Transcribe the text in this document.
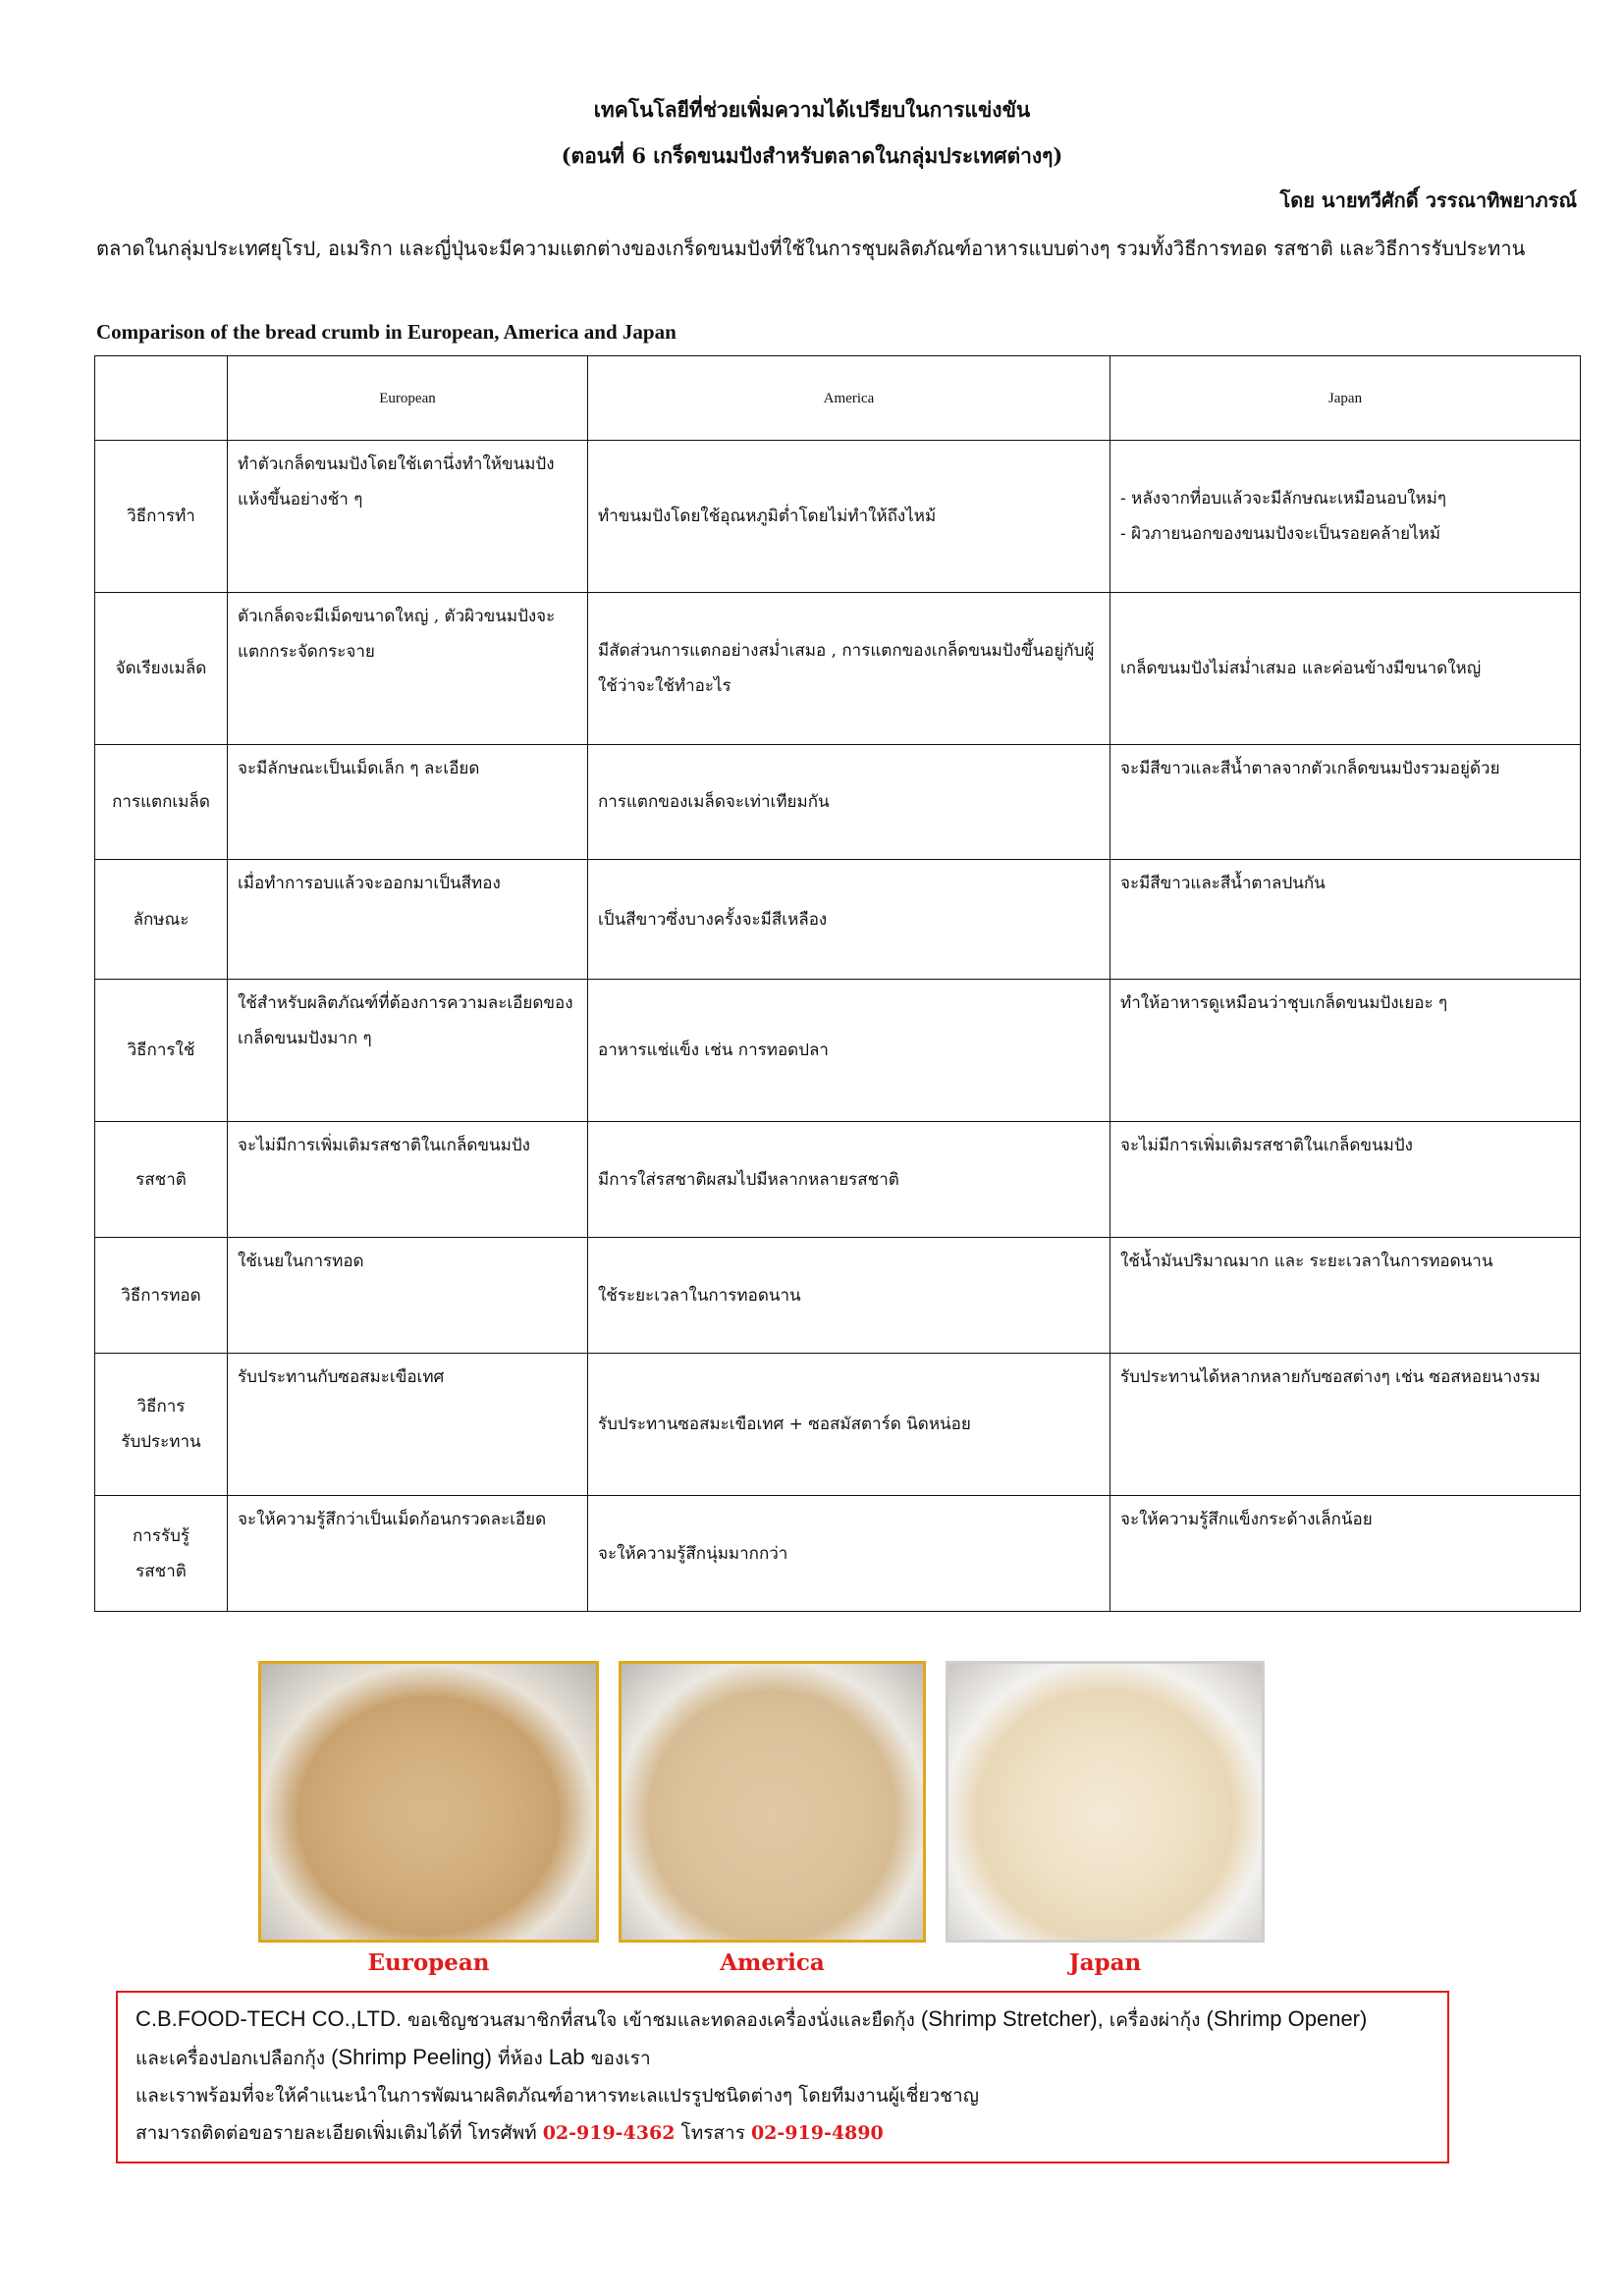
เทคโนโลยีที่ช่วยเพิ่มความได้เปรียบในการแข่งขัน
(ตอนที่ 6 เกร็ดขนมปังสำหรับตลาดในกลุ่มประเทศต่างๆ)
โดย นายทวีศักดิ์ วรรณาทิพยาภรณ์
ตลาดในกลุ่มประเทศยุโรป, อเมริกา และญี่ปุ่นจะมีความแตกต่างของเกร็ดขนมปังที่ใช้ในการชุบผลิตภัณฑ์อาหารแบบต่างๆ รวมทั้งวิธีการทอด รสชาติ และวิธีการรับประทาน
Comparison of the bread crumb in European, America and Japan
	European	America	Japan
วิธีการทำ	ทำตัวเกล็ดขนมปังโดยใช้เตานึ่งทำให้ขนมปังแห้งขึ้นอย่างช้า ๆ	ทำขนมปังโดยใช้อุณหภูมิต่ำโดยไม่ทำให้ถึงไหม้	- หลังจากที่อบแล้วจะมีลักษณะเหมือนอบใหม่ๆ
- ผิวภายนอกของขนมปังจะเป็นรอยคล้ายไหม้
จัดเรียงเมล็ด	ตัวเกล็ดจะมีเม็ดขนาดใหญ่ , ตัวผิวขนมปังจะแตกกระจัดกระจาย	มีสัดส่วนการแตกอย่างสม่ำเสมอ , การแตกของเกล็ดขนมปังขึ้นอยู่กับผู้ใช้ว่าจะใช้ทำอะไร	เกล็ดขนมปังไม่สม่ำเสมอ และค่อนข้างมีขนาดใหญ่
การแตกเมล็ด	จะมีลักษณะเป็นเม็ดเล็ก ๆ ละเอียด	การแตกของเมล็ดจะเท่าเทียมกัน	จะมีสีขาวและสีน้ำตาลจากตัวเกล็ดขนมปังรวมอยู่ด้วย
ลักษณะ	เมื่อทำการอบแล้วจะออกมาเป็นสีทอง	เป็นสีขาวซึ่งบางครั้งจะมีสีเหลือง	จะมีสีขาวและสีน้ำตาลปนกัน
วิธีการใช้	ใช้สำหรับผลิตภัณฑ์ที่ต้องการความละเอียดของเกล็ดขนมปังมาก ๆ	อาหารแช่แข็ง เช่น การทอดปลา	ทำให้อาหารดูเหมือนว่าชุบเกล็ดขนมปังเยอะ ๆ
รสชาติ	จะไม่มีการเพิ่มเติมรสชาติในเกล็ดขนมปัง	มีการใส่รสชาติผสมไปมีหลากหลายรสชาติ	จะไม่มีการเพิ่มเติมรสชาติในเกล็ดขนมปัง
วิธีการทอด	ใช้เนยในการทอด	ใช้ระยะเวลาในการทอดนาน	ใช้น้ำมันปริมาณมาก และ ระยะเวลาในการทอดนาน
วิธีการ
รับประทาน	รับประทานกับซอสมะเขือเทศ	รับประทานซอสมะเขือเทศ + ซอสมัสตาร์ด นิดหน่อย	รับประทานได้หลากหลายกับซอสต่างๆ เช่น ซอสหอยนางรม
การรับรู้
รสชาติ	จะให้ความรู้สึกว่าเป็นเม็ดก้อนกรวดละเอียด	จะให้ความรู้สึกนุ่มมากกว่า	จะให้ความรู้สึกแข็งกระด้างเล็กน้อย
European	America	Japan
C.B.FOOD-TECH CO.,LTD. ขอเชิญชวนสมาชิกที่สนใจ เข้าชมและทดลองเครื่องนั่งและยืดกุ้ง (Shrimp Stretcher), เครื่องผ่ากุ้ง (Shrimp Opener)
และเครื่องปอกเปลือกกุ้ง (Shrimp Peeling) ที่ห้อง Lab ของเรา
และเราพร้อมที่จะให้คำแนะนำในการพัฒนาผลิตภัณฑ์อาหารทะเลแปรรูปชนิดต่างๆ โดยทีมงานผู้เชี่ยวชาญ
สามารถติดต่อขอรายละเอียดเพิ่มเติมได้ที่ โทรศัพท์ 02-919-4362 โทรสาร 02-919-4890
